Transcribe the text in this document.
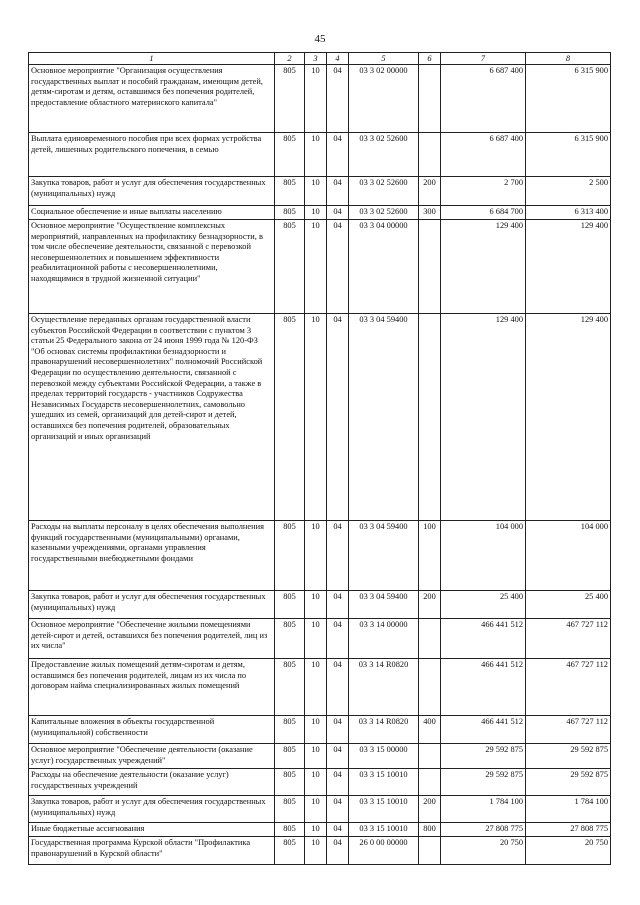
45
1	2	3	4	5	6	7	8
Основное мероприятие "Организация осуществления государственных выплат и пособий гражданам, имеющим детей, детям-сиротам и детям, оставшимся без попечения родителей, предоставление областного материнского капитала"	805	10	04	03 3 02 00000		6 687 400	6 315 900
Выплата единовременного пособия при всех формах устройства детей, лишенных родительского попечения, в семью	805	10	04	03 3 02 52600		6 687 400	6 315 900
Закупка товаров, работ и услуг для обеспечения государственных (муниципальных) нужд	805	10	04	03 3 02 52600	200	2 700	2 500
Социальное обеспечение и иные выплаты населению	805	10	04	03 3 02 52600	300	6 684 700	6 313 400
Основное мероприятие "Осуществление комплексных мероприятий, направленных на профилактику безнадзорности, в том числе обеспечение деятельности, связанной с перевозкой несовершеннолетних и повышением эффективности реабилитационной работы с несовершеннолетними, находящимися в трудной жизненной ситуации"	805	10	04	03 3 04 00000		129 400	129 400
Осуществление переданных органам государственной власти субъектов Российской Федерации в соответствии с пунктом 3 статьи 25 Федерального закона от 24 июня 1999 года № 120-ФЗ "Об основах системы профилактики безнадзорности и правонарушений несовершеннолетних" полномочий Российской Федерации по осуществлению деятельности, связанной с перевозкой между субъектами Российской Федерации, а также в пределах территорий государств - участников Содружества Независимых Государств несовершеннолетних, самовольно ушедших из семей, организаций для детей-сирот и детей, оставшихся без попечения родителей, образовательных организаций и иных организаций	805	10	04	03 3 04 59400		129 400	129 400
Расходы на выплаты персоналу в целях обеспечения выполнения функций государственными (муниципальными) органами, казенными учреждениями, органами управления государственными внебюджетными фондами	805	10	04	03 3 04 59400	100	104 000	104 000
Закупка товаров, работ и услуг для обеспечения государственных (муниципальных) нужд	805	10	04	03 3 04 59400	200	25 400	25 400
Основное мероприятие "Обеспечение жилыми помещениями детей-сирот и детей, оставшихся без попечения родителей, лиц из их числа"	805	10	04	03 3 14 00000		466 441 512	467 727 112
Предоставление жилых помещений детям-сиротам и детям, оставшимся без попечения родителей, лицам из их числа по договорам найма специализированных жилых помещений	805	10	04	03 3 14 R0820		466 441 512	467 727 112
Капитальные вложения в объекты государственной (муниципальной) собственности	805	10	04	03 3 14 R0820	400	466 441 512	467 727 112
Основное мероприятие "Обеспечение деятельности (оказание услуг) государственных учреждений"	805	10	04	03 3 15 00000		29 592 875	29 592 875
Расходы на обеспечение деятельности (оказание услуг) государственных учреждений	805	10	04	03 3 15 10010		29 592 875	29 592 875
Закупка товаров, работ и услуг для обеспечения государственных (муниципальных) нужд	805	10	04	03 3 15 10010	200	1 784 100	1 784 100
Иные бюджетные ассигнования	805	10	04	03 3 15 10010	800	27 808 775	27 808 775
Государственная программа Курской области "Профилактика правонарушений в Курской области"	805	10	04	26 0 00 00000		20 750	20 750
